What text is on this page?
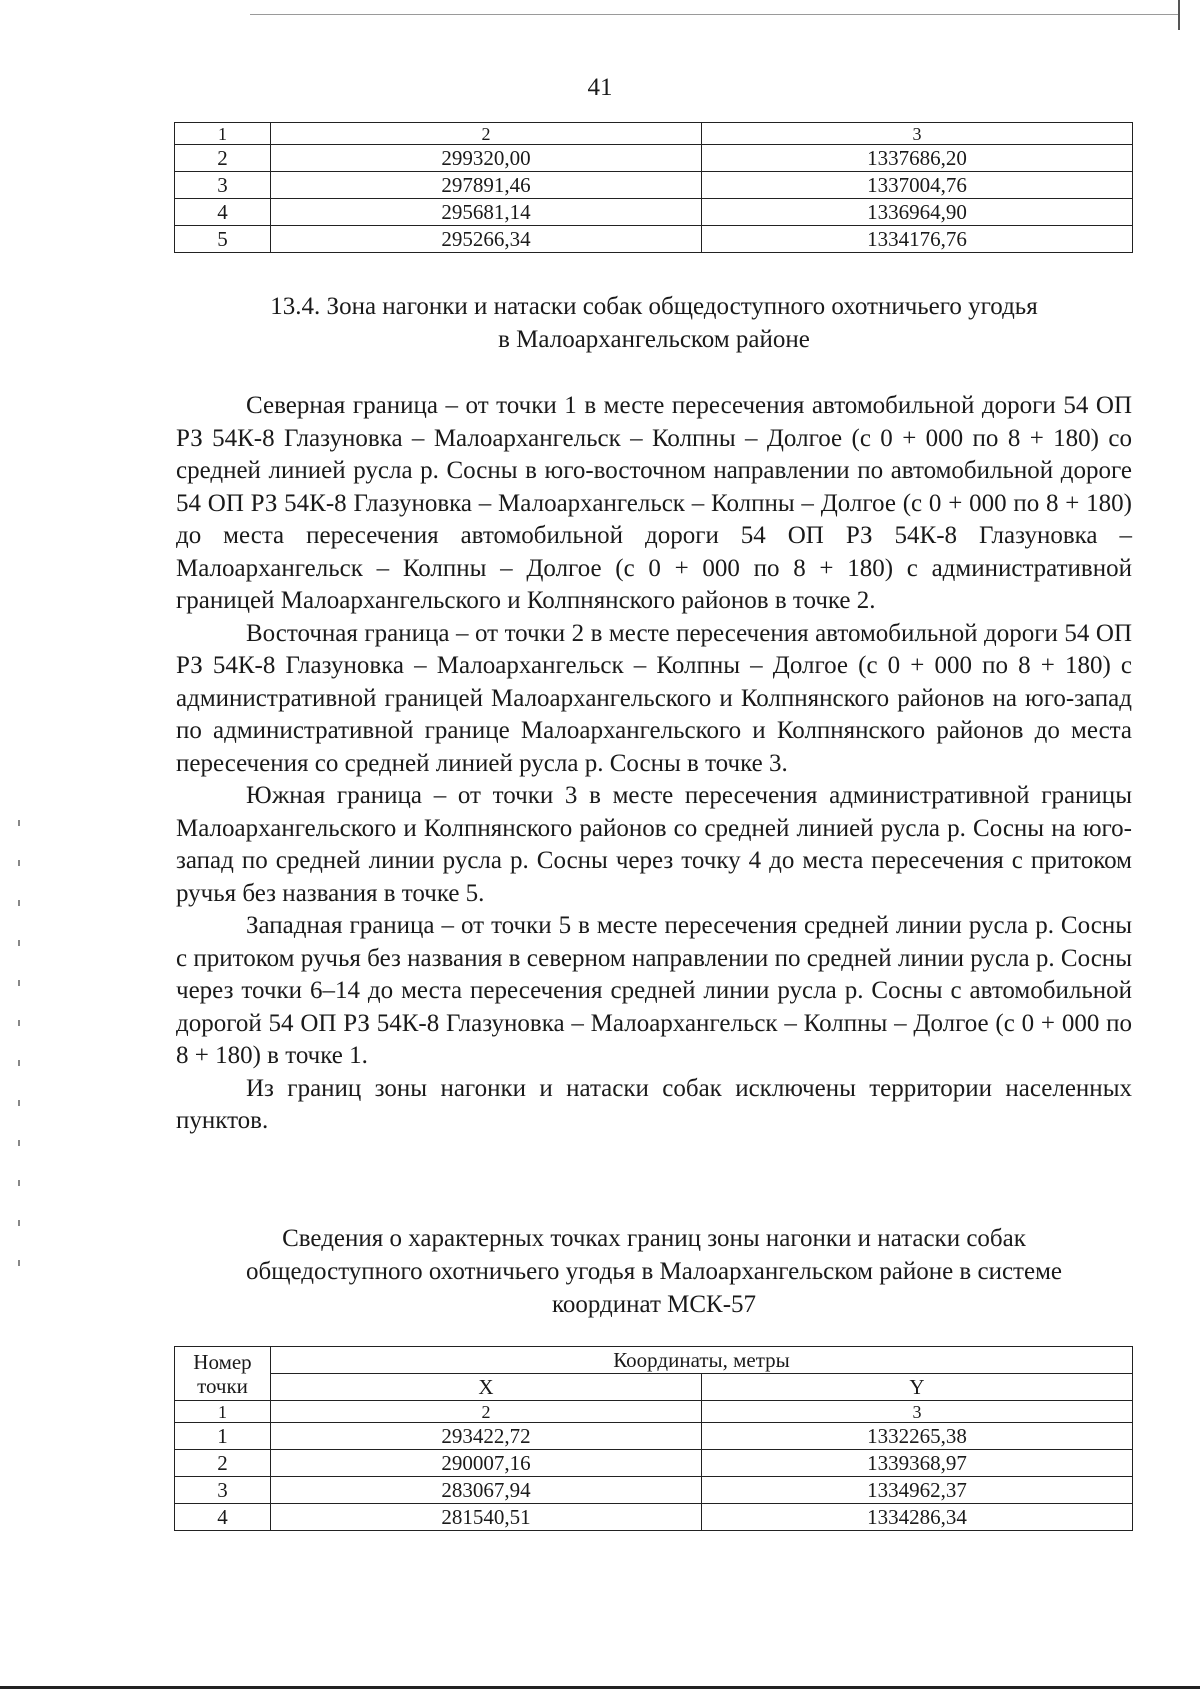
41
1	2	3
2	299320,00	1337686,20
3	297891,46	1337004,76
4	295681,14	1336964,90
5	295266,34	1334176,76
13.4. Зона нагонки и натаски собак общедоступного охотничьего угодья
в Малоархангельском районе

Северная граница – от точки 1 в месте пересечения автомобильной дороги 54 ОП РЗ 54К-8 Глазуновка – Малоархангельск – Колпны – Долгое (с 0 + 000 по 8 + 180) со средней линией русла р. Сосны в юго-восточном направлении по автомобильной дороге 54 ОП РЗ 54К-8 Глазуновка – Малоархангельск – Колпны – Долгое (с 0 + 000 по 8 + 180) до места пересечения автомобильной дороги 54 ОП РЗ 54К-8 Глазуновка – Малоархангельск – Колпны – Долгое (с 0 + 000 по 8 + 180) с административной границей Малоархангельского и Колпнянского районов в точке 2.

Восточная граница – от точки 2 в месте пересечения автомобильной дороги 54 ОП РЗ 54К-8 Глазуновка – Малоархангельск – Колпны – Долгое (с 0 + 000 по 8 + 180) с административной границей Малоархангельского и Колпнянского районов на юго-запад по административной границе Малоархангельского и Колпнянского районов до места пересечения со средней линией русла р. Сосны в точке 3.

Южная граница – от точки 3 в месте пересечения административной границы Малоархангельского и Колпнянского районов со средней линией русла р. Сосны на юго-запад по средней линии русла р. Сосны через точку 4 до места пересечения с притоком ручья без названия в точке 5.

Западная граница – от точки 5 в месте пересечения средней линии русла р. Сосны с притоком ручья без названия в северном направлении по средней линии русла р. Сосны через точки 6–14 до места пересечения средней линии русла р. Сосны с автомобильной дорогой 54 ОП РЗ 54К-8 Глазуновка – Малоархангельск – Колпны – Долгое (с 0 + 000 по 8 + 180) в точке 1.

Из границ зоны нагонки и натаски собак исключены территории населенных пунктов.

Сведения о характерных точках границ зоны нагонки и натаски собак
общедоступного охотничьего угодья в Малоархангельском районе в системе
координат МСК-57
Номер
точки	Координаты, метры	
	X	Y
1	2	3
1	293422,72	1332265,38
2	290007,16	1339368,97
3	283067,94	1334962,37
4	281540,51	1334286,34
